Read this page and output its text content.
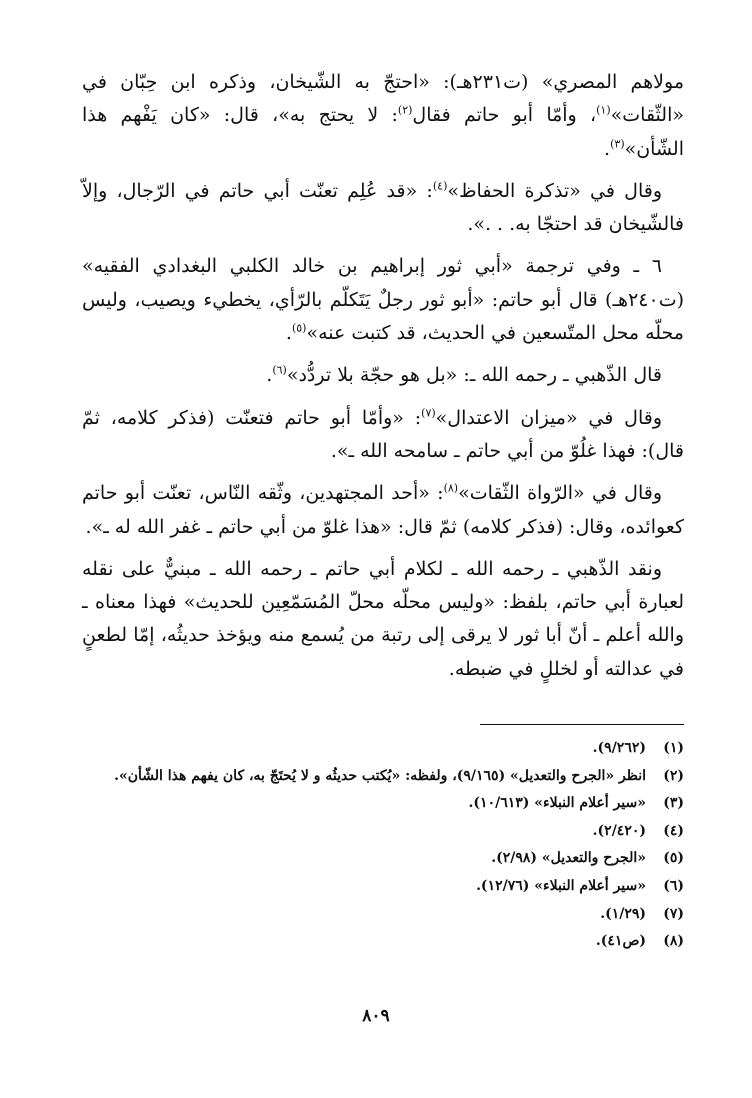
مولاهم المصري» (ت٢٣١هـ): «احتجّ به الشّيخان، وذكره ابن حِبّان في «الثّقات»$^{(١)}$، وأمّا أبو حاتم فقال$^{(٢)}$: لا يحتج به»، قال: «كان يَفْهم هذا الشّأن»$^{(٣)}$.

وقال في «تذكرة الحفاظ»$^{(٤)}$: «قد عُلِم تعنّت أبي حاتم في الرّجال، وإلاّ فالشّيخان قد احتجّا به. . .».

٦ ـ وفي ترجمة «أبي ثور إبراهيم بن خالد الكلبي البغدادي الفقيه» (ت٢٤٠هـ) قال أبو حاتم: «أبو ثور رجلٌ يَتَكلّم بالرّأي، يخطيء ويصيب، وليس محلّه محل المتّسعين في الحديث، قد كتبت عنه»$^{(٥)}$.

قال الذّهبي ـ رحمه الله ـ: «بل هو حجّة بلا تردُّد»$^{(٦)}$.

وقال في «ميزان الاعتدال»$^{(٧)}$: «وأمّا أبو حاتم فتعنّت (فذكر كلامه، ثمّ قال): فهذا غلُوّ من أبي حاتم ـ سامحه الله ـ».

وقال في «الرّواة الثّقات»$^{(٨)}$: «أحد المجتهدين، وثّقه النّاس، تعنّت أبو حاتم كعوائده، وقال: (فذكر كلامه) ثمّ قال: «هذا غلوّ من أبي حاتم ـ غفر الله له ـ».

ونقد الذّهبي ـ رحمه الله ـ لكلام أبي حاتم ـ رحمه الله ـ مبنيٌّ على نقله لعبارة أبي حاتم، بلفظ: «وليس محلّه محلّ المُسَمّعِين للحديث» فهذا معناه ـ والله أعلم ـ أنّ أبا ثور لا يرقى إلى رتبة من يُسمع منه ويؤخذ حديثُه، إمّا لطعنٍ في عدالته أو لخللٍ في ضبطه.

(١)
(٩/٢٦٢).

(٢)
انظر «الجرح والتعديل» (٩/١٦٥)، ولفظه: «يُكتب حديثُه و لا يُحتَجّ به، كان يفهم هذا الشّأن».

(٣)
«سير أعلام النبلاء» (١٠/٦١٣).

(٤)
(٢/٤٢٠).

(٥)
«الجرح والتعديل» (٢/٩٨).

(٦)
«سير أعلام النبلاء» (١٢/٧٦).

(٧)
(١/٢٩).

(٨)
(ص٤١).

٨٠٩
